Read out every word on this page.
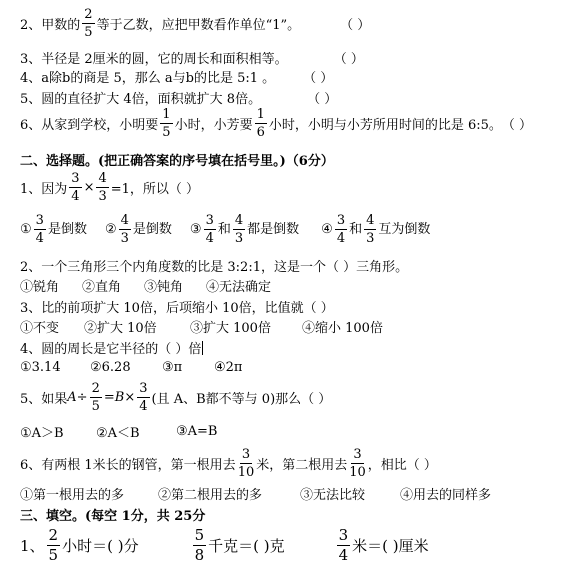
2、甲数的 $\frac{2}{5}$ 等于乙数，应把甲数看作单位“1”。	（ ）
3、半径是 2厘米的圆，它的周长和面积相等。	（ ）
4、a除b的商是 5，那么 a与b的比是 5:1 。 （ ）
5、圆的直径扩大 4倍，面积就扩大 8倍。	（ ）
6、从家到学校，小明要 $\frac{1}{5}$ 小时，小芳要 $\frac{1}{6}$ 小时，小明与小芳所用时间的比是 6:5。 （ ）
二、选择题。(把正确答案的序号填在括号里。)（6分）
1、因为 $\frac{3}{4} \times \frac{4}{3} =1$，所以（ ）
① $\frac{3}{4}$ 是倒数 ② $\frac{4}{3}$ 是倒数 ③ $\frac{3}{4}$ 和 $\frac{4}{3}$ 都是倒数 ④ $\frac{3}{4}$ 和 $\frac{4}{3}$ 互为倒数
2、一个三角形三个内角度数的比是 3:2:1，这是一个（ ）三角形。
①锐角	②直角	③钝角	④无法确定
3、比的前项扩大 10倍，后项缩小 10倍，比值就（ ）
①不变	②扩大 10倍	③扩大 100倍	④缩小 100倍
4、圆的周长是它半径的（ ）倍
①3.14	②6.28	③π	④2π
5、如果 $A \div \frac{2}{5} = B \times \frac{3}{4}$ (且 A、B都不等与 0)那么（ ）
①A＞B	②A＜B	③A=B
6、有两根 1米长的钢管，第一根用去 $\frac{3}{10}$ 米，第二根用去 $\frac{3}{10}$ ，相比（ ）
①第一根用去的多	②第二根用去的多	③无法比较	④用去的同样多
三、填空。(每空 1分，共 25分
1、 $\frac{2}{5}$ 小时＝( )分	$\frac{5}{8}$ 千克＝( )克	$\frac{3}{4}$ 米＝( )厘米
